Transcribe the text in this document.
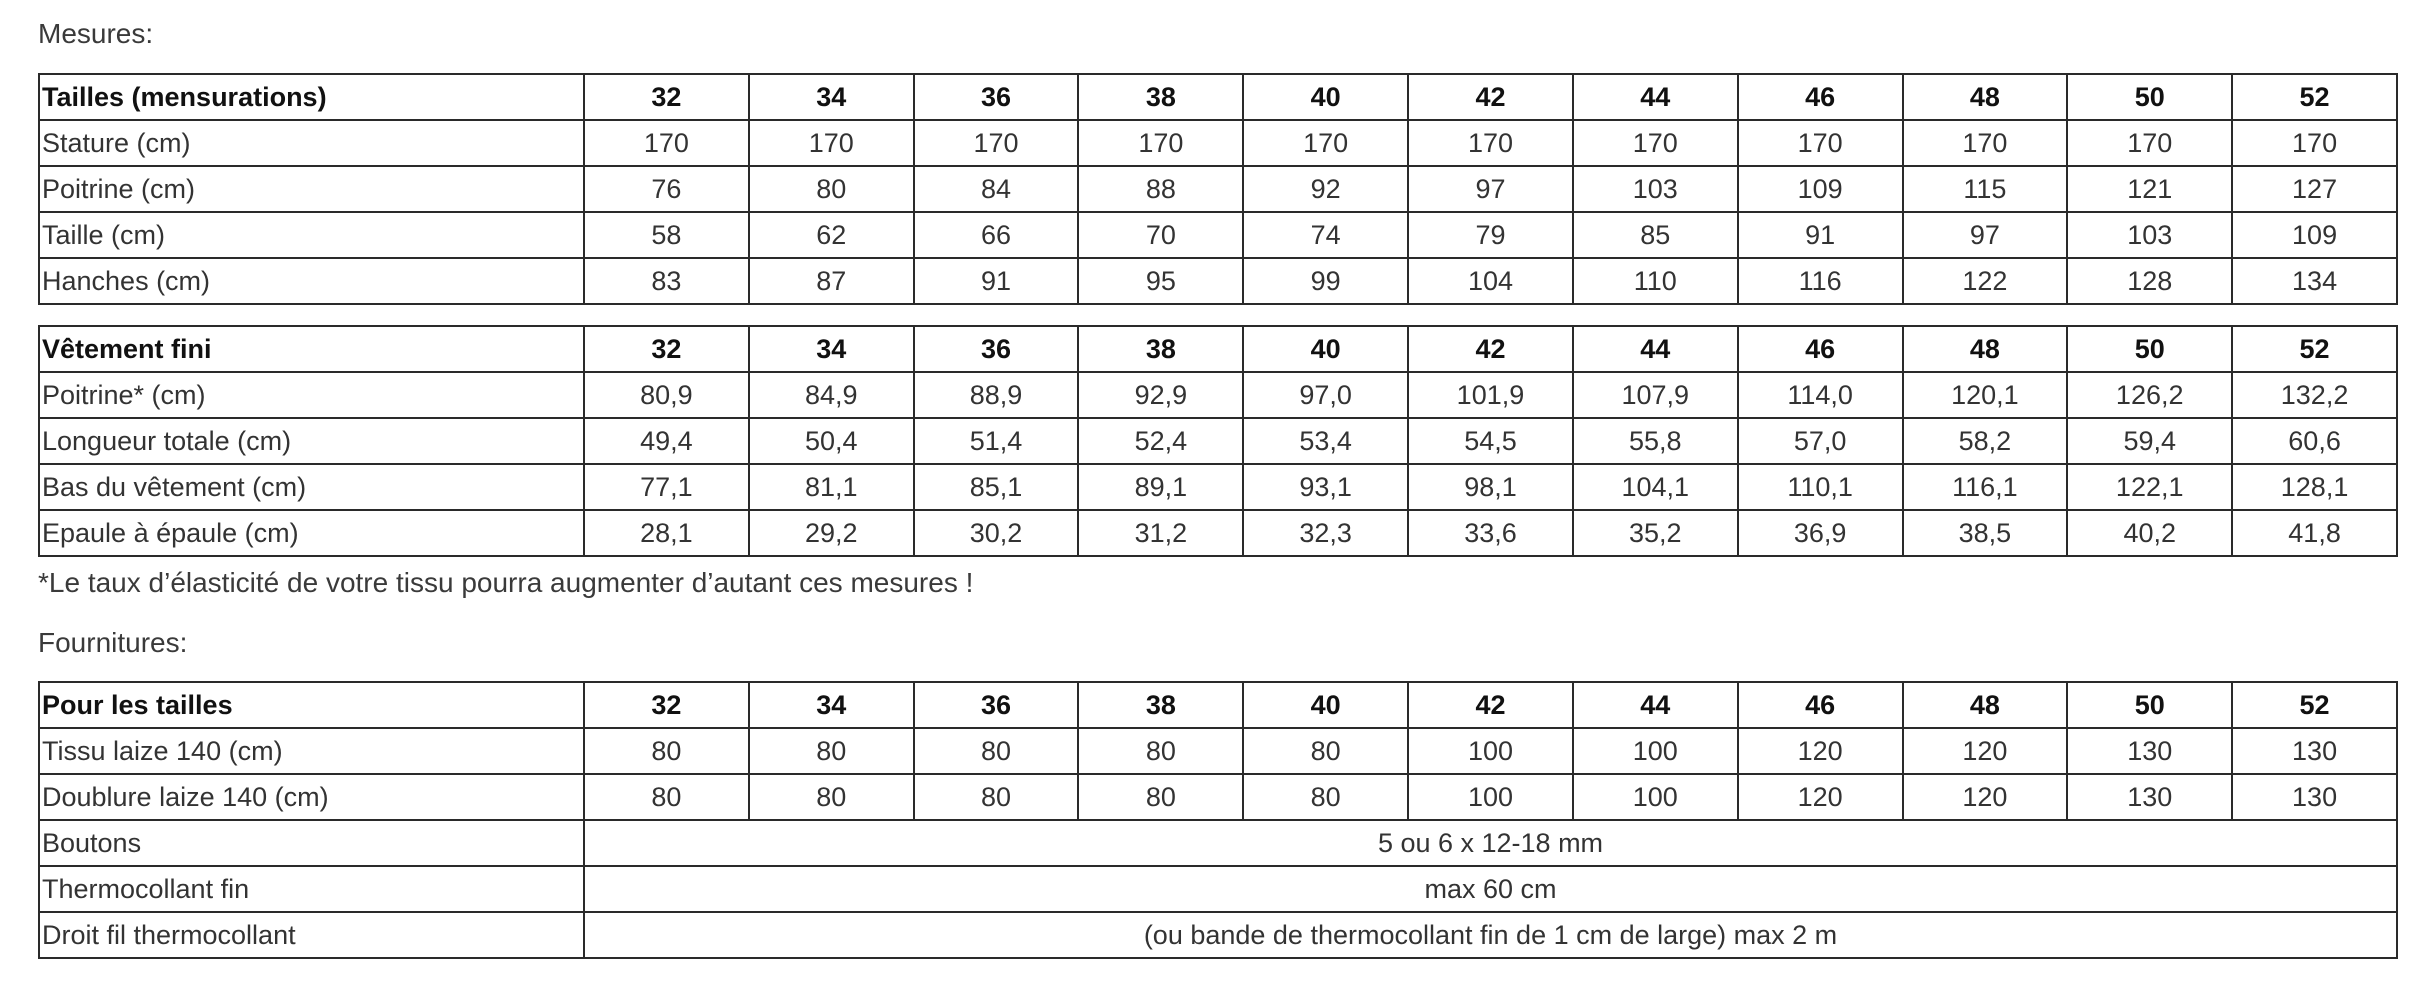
Mesures:
Tailles (mensurations)	32	34	36	38	40	42	44	46	48	50	52
Stature (cm)	170	170	170	170	170	170	170	170	170	170	170
Poitrine (cm)	76	80	84	88	92	97	103	109	115	121	127
Taille (cm)	58	62	66	70	74	79	85	91	97	103	109
Hanches (cm)	83	87	91	95	99	104	110	116	122	128	134
Vêtement fini	32	34	36	38	40	42	44	46	48	50	52
Poitrine* (cm)	80,9	84,9	88,9	92,9	97,0	101,9	107,9	114,0	120,1	126,2	132,2
Longueur totale (cm)	49,4	50,4	51,4	52,4	53,4	54,5	55,8	57,0	58,2	59,4	60,6
Bas du vêtement (cm)	77,1	81,1	85,1	89,1	93,1	98,1	104,1	110,1	116,1	122,1	128,1
Epaule à épaule (cm)	28,1	29,2	30,2	31,2	32,3	33,6	35,2	36,9	38,5	40,2	41,8
*Le taux d’élasticité de votre tissu pourra augmenter d’autant ces mesures !
Fournitures:
Pour les tailles	32	34	36	38	40	42	44	46	48	50	52
Tissu laize 140 (cm)	80	80	80	80	80	100	100	120	120	130	130
Doublure laize 140 (cm)	80	80	80	80	80	100	100	120	120	130	130
Boutons	5 ou 6 x 12-18 mm										
Thermocollant fin	max 60 cm										
Droit fil thermocollant	(ou bande de thermocollant fin de 1 cm de large) max 2 m										
